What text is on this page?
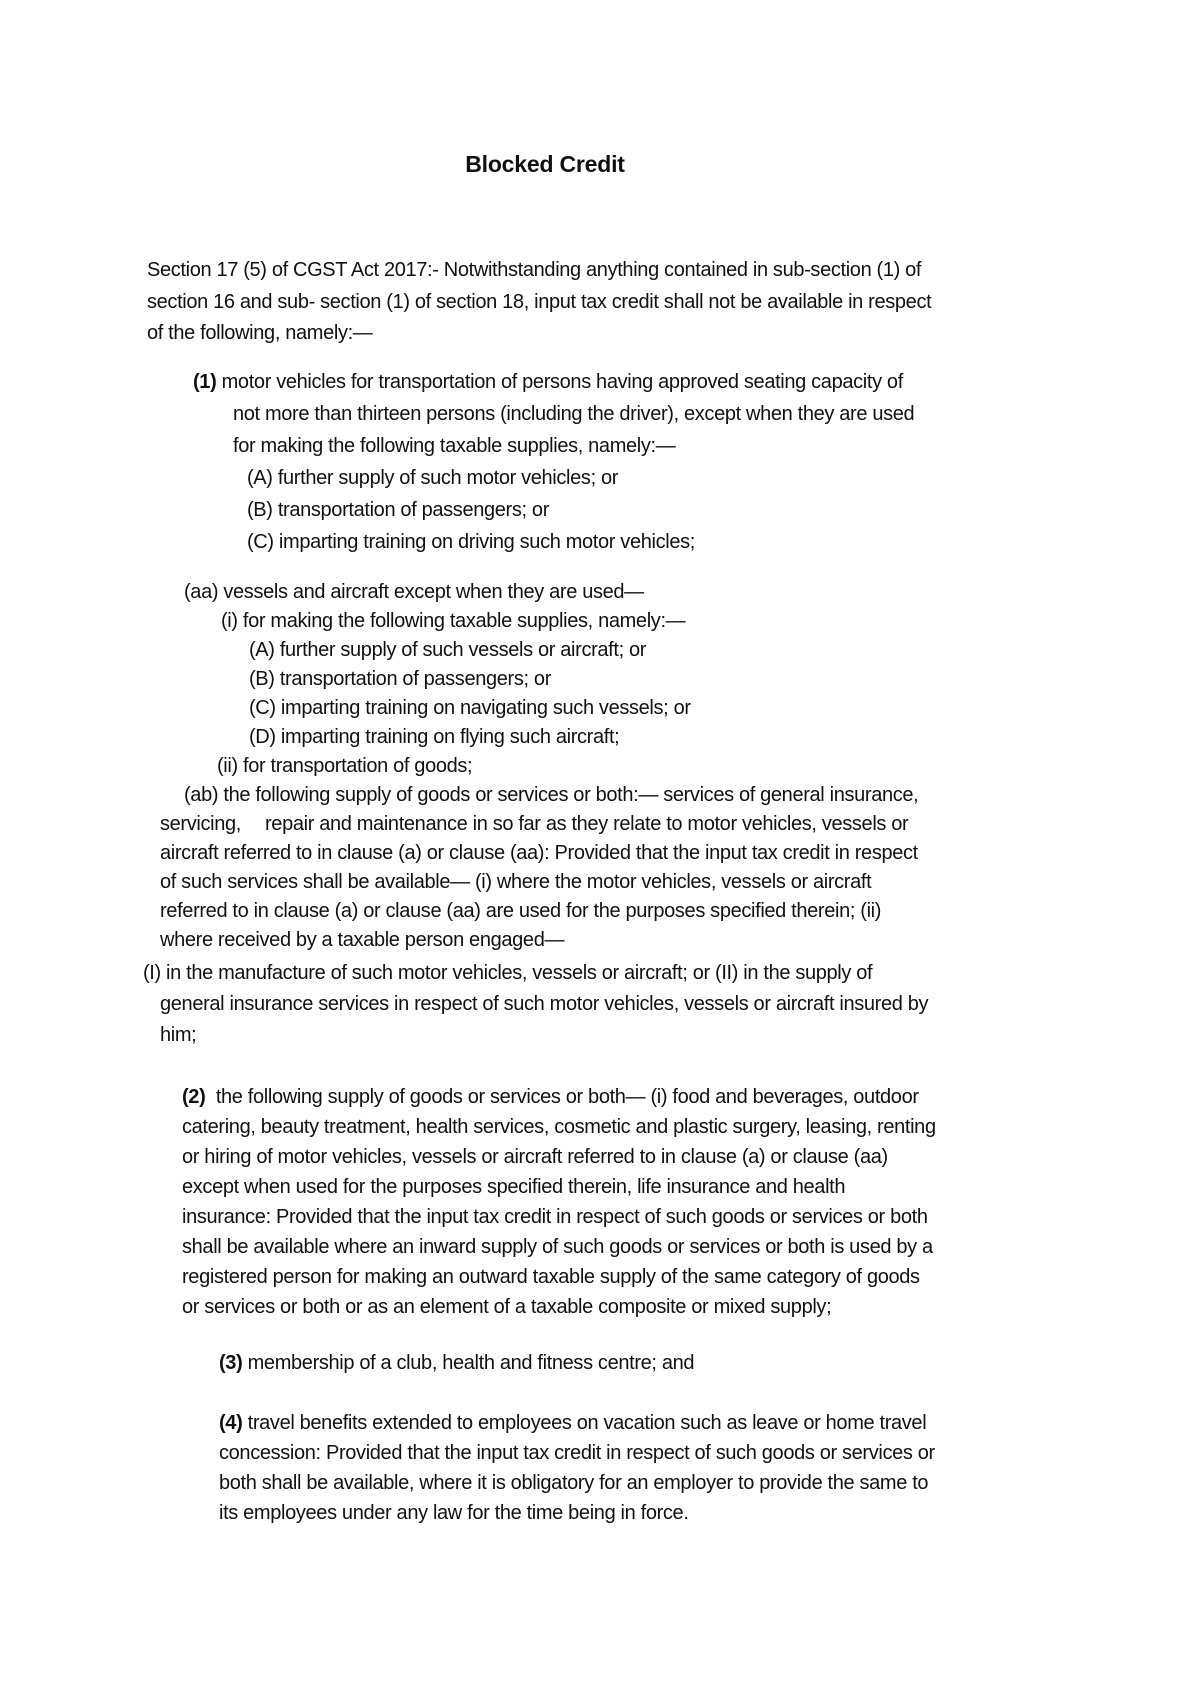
Blocked Credit

Section 17 (5) of CGST Act 2017:- Notwithstanding anything contained in sub-section (1) of

section 16 and sub- section (1) of section 18, input tax credit shall not be available in respect

of the following, namely:—

(1) motor vehicles for transportation of persons having approved seating capacity of

not more than thirteen persons (including the driver), except when they are used

for making the following taxable supplies, namely:—

(A) further supply of such motor vehicles; or

(B) transportation of passengers; or

(C) imparting training on driving such motor vehicles;

(aa) vessels and aircraft except when they are used—

(i) for making the following taxable supplies, namely:—

(A) further supply of such vessels or aircraft; or

(B) transportation of passengers; or

(C) imparting training on navigating such vessels; or

(D) imparting training on flying such aircraft;

(ii) for transportation of goods;

(ab) the following supply of goods or services or both:— services of general insurance,

servicing, repair and maintenance in so far as they relate to motor vehicles, vessels or

aircraft referred to in clause (a) or clause (aa): Provided that the input tax credit in respect

of such services shall be available— (i) where the motor vehicles, vessels or aircraft

referred to in clause (a) or clause (aa) are used for the purposes specified therein; (ii)

where received by a taxable person engaged—

(I) in the manufacture of such motor vehicles, vessels or aircraft; or (II) in the supply of

general insurance services in respect of such motor vehicles, vessels or aircraft insured by

him;

(2) the following supply of goods or services or both— (i) food and beverages, outdoor

catering, beauty treatment, health services, cosmetic and plastic surgery, leasing, renting

or hiring of motor vehicles, vessels or aircraft referred to in clause (a) or clause (aa)

except when used for the purposes specified therein, life insurance and health

insurance: Provided that the input tax credit in respect of such goods or services or both

shall be available where an inward supply of such goods or services or both is used by a

registered person for making an outward taxable supply of the same category of goods

or services or both or as an element of a taxable composite or mixed supply;

(3) membership of a club, health and fitness centre; and

(4) travel benefits extended to employees on vacation such as leave or home travel

concession: Provided that the input tax credit in respect of such goods or services or

both shall be available, where it is obligatory for an employer to provide the same to

its employees under any law for the time being in force.
